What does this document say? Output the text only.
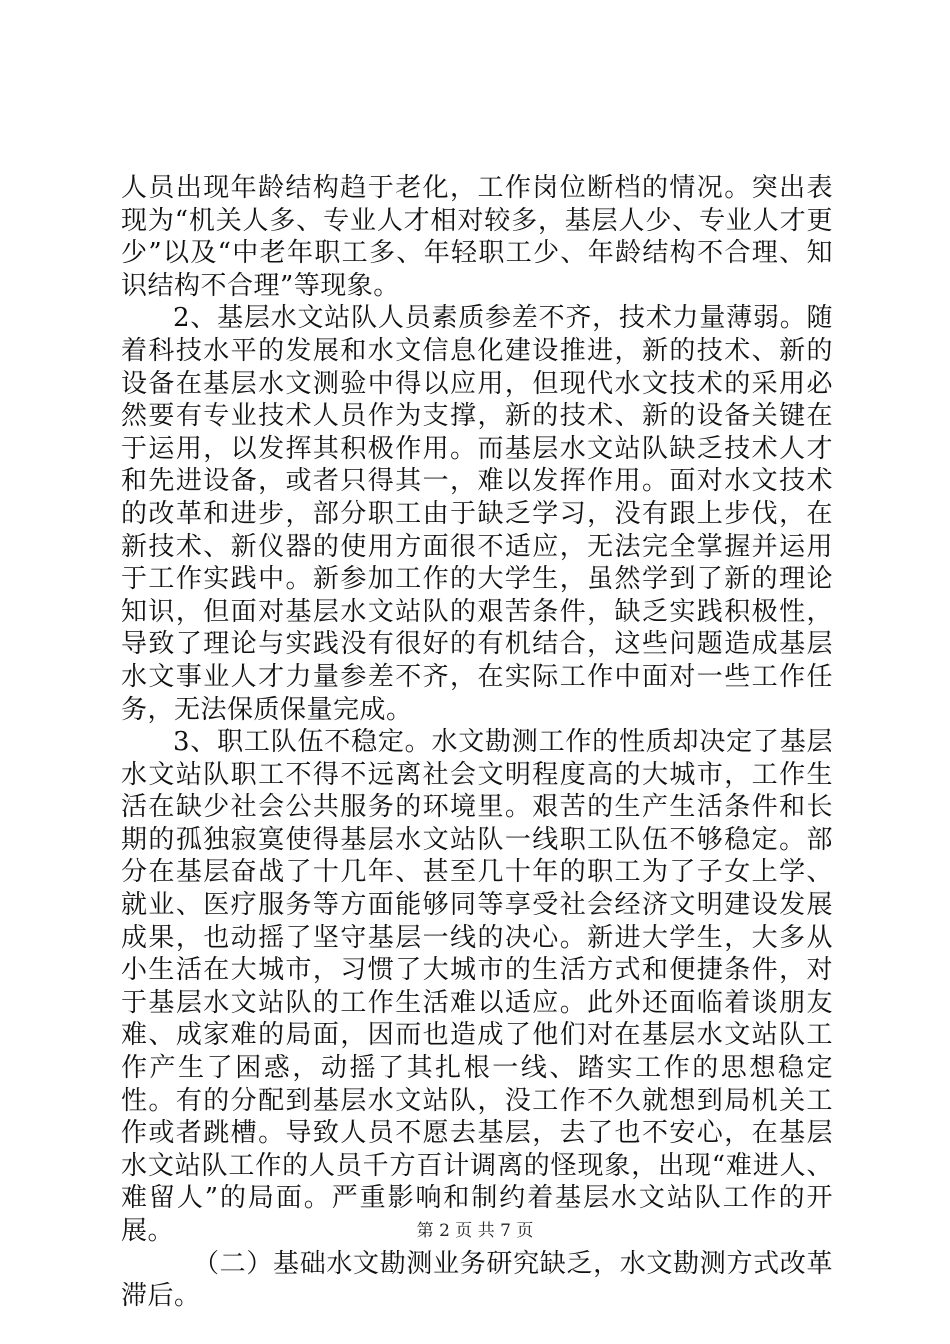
人员出现年龄结构趋于老化，工作岗位断档的情况。突出表现为“机关人多、专业人才相对较多，基层人少、专业人才更少”以及“中老年职工多、年轻职工少、年龄结构不合理、知识结构不合理”等现象。

2、基层水文站队人员素质参差不齐，技术力量薄弱。随着科技水平的发展和水文信息化建设推进，新的技术、新的设备在基层水文测验中得以应用，但现代水文技术的采用必然要有专业技术人员作为支撑，新的技术、新的设备关键在于运用，以发挥其积极作用。而基层水文站队缺乏技术人才和先进设备，或者只得其一，难以发挥作用。面对水文技术的改革和进步，部分职工由于缺乏学习，没有跟上步伐，在新技术、新仪器的使用方面很不适应，无法完全掌握并运用于工作实践中。新参加工作的大学生，虽然学到了新的理论知识，但面对基层水文站队的艰苦条件，缺乏实践积极性，导致了理论与实践没有很好的有机结合，这些问题造成基层水文事业人才力量参差不齐，在实际工作中面对一些工作任务，无法保质保量完成。

3、职工队伍不稳定。水文勘测工作的性质却决定了基层水文站队职工不得不远离社会文明程度高的大城市，工作生活在缺少社会公共服务的环境里。艰苦的生产生活条件和长期的孤独寂寞使得基层水文站队一线职工队伍不够稳定。部分在基层奋战了十几年、甚至几十年的职工为了子女上学、就业、医疗服务等方面能够同等享受社会经济文明建设发展成果，也动摇了坚守基层一线的决心。新进大学生，大多从小生活在大城市，习惯了大城市的生活方式和便捷条件，对于基层水文站队的工作生活难以适应。此外还面临着谈朋友难、成家难的局面，因而也造成了他们对在基层水文站队工作产生了困惑，动摇了其扎根一线、踏实工作的思想稳定性。有的分配到基层水文站队，没工作不久就想到局机关工作或者跳槽。导致人员不愿去基层，去了也不安心，在基层水文站队工作的人员千方百计调离的怪现象，出现“难进人、难留人”的局面。严重影响和制约着基层水文站队工作的开展。

（二）基础水文勘测业务研究缺乏，水文勘测方式改革滞后。

第 2 页 共 7 页
